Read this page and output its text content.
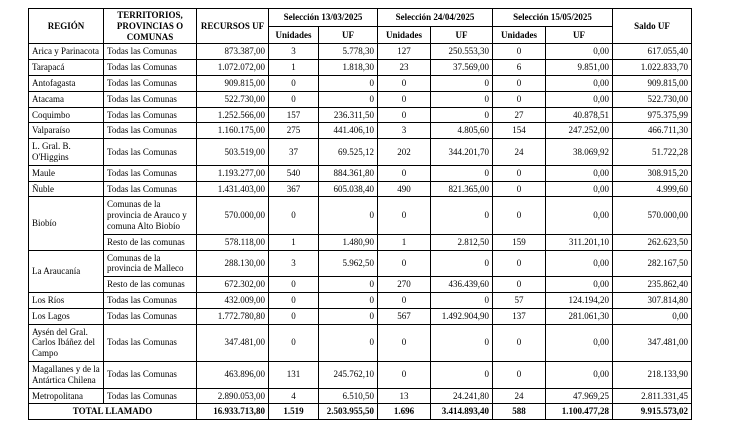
REGIÓN	TERRITORIOS, PROVINCIAS O COMUNAS	RECURSOS UF	Selección 13/03/2025		Selección 24/04/2025		Selección 15/05/2025		Saldo UF
			Unidades	UF	Unidades	UF	Unidades	UF	
Arica y Parinacota	Todas las Comunas	873.387,00	3	5.778,30	127	250.553,30	0	0,00	617.055,40
Tarapacá	Todas las Comunas	1.072.072,00	1	1.818,30	23	37.569,00	6	9.851,00	1.022.833,70
Antofagasta	Todas las Comunas	909.815,00	0	0	0	0	0	0,00	909.815,00
Atacama	Todas las Comunas	522.730,00	0	0	0	0	0	0,00	522.730,00
Coquimbo	Todas las Comunas	1.252.566,00	157	236.311,50	0	0	27	40.878,51	975.375,99
Valparaíso	Todas las Comunas	1.160.175,00	275	441.406,10	3	4.805,60	154	247.252,00	466.711,30
L. Gral. B. O'Higgins	Todas las Comunas	503.519,00	37	69.525,12	202	344.201,70	24	38.069,92	51.722,28
Maule	Todas las Comunas	1.193.277,00	540	884.361,80	0	0	0	0,00	308.915,20
Ñuble	Todas las Comunas	1.431.403,00	367	605.038,40	490	821.365,00	0	0,00	4.999,60
Biobío	Comunas de la provincia de Arauco y comuna Alto Biobío	570.000,00	0	0	0	0	0	0,00	570.000,00
	Resto de las comunas	578.118,00	1	1.480,90	1	2.812,50	159	311.201,10	262.623,50
La Araucanía	Comunas de la provincia de Malleco	288.130,00	3	5.962,50	0	0	0	0,00	282.167,50
	Resto de las comunas	672.302,00	0	0	270	436.439,60	0	0,00	235.862,40
Los Ríos	Todas las Comunas	432.009,00	0	0	0	0	57	124.194,20	307.814,80
Los Lagos	Todas las Comunas	1.772.780,80	0	0	567	1.492.904,90	137	281.061,30	0,00
Aysén del Gral. Carlos Ibáñez del Campo	Todas las Comunas	347.481,00	0	0	0	0	0	0,00	347.481,00
Magallanes y de la Antártica Chilena	Todas las Comunas	463.896,00	131	245.762,10	0	0	0	0,00	218.133,90
Metropolitana	Todas las Comunas	2.890.053,00	4	6.510,50	13	24.241,80	24	47.969,25	2.811.331,45
TOTAL LLAMADO		16.933.713,80	1.519	2.503.955,50	1.696	3.414.893,40	588	1.100.477,28	9.915.573,02
